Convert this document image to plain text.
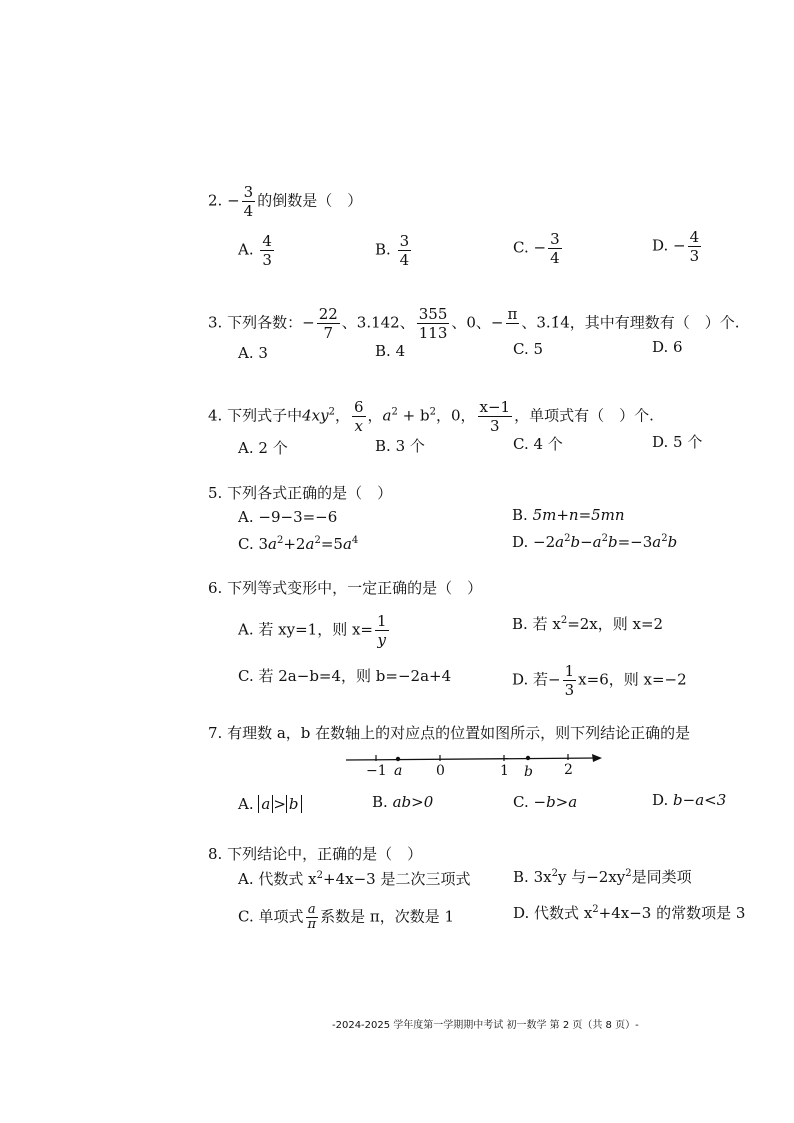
2. − $\frac{3}{4}$ 的倒数是（　）
A. $\frac{4}{3}$	B. $\frac{3}{4}$	C. − $\frac{3}{4}$	D. − $\frac{4}{3}$
3. 下列各数：− $\frac{22}{7}$ 、3.142、 $\frac{355}{113}$ 、0、− π
、3.1̇4̇，其中有理数有（　）个.
A. 3	B. 4	C. 5	D. 6
4. 下列式子中$4xy^2$， $\frac{6}{x}$ ，$a^2 + b^2$，0， $\frac{x-1}{3}$ ，单项式有（　）个.
A. 2 个	B. 3 个	C. 4 个	D. 5 个
5. 下列各式正确的是（　）
A. −9−3=−6	B. 5m+n=5mn
C. $3a^2+2a^2=5a^4$	D. $-2a^2b-a^2b=-3a^2b$
6. 下列等式变形中，一定正确的是（　）
A. 若 xy=1，则 $x= \frac{1}{y}$	B. 若 $x^2=2x$，则 x=2
C. 若 2a−b=4，则 b=−2a+4	D. 若− $\frac{1}{3} x=6$，则 x=−2
7. 有理数 a，b 在数轴上的对应点的位置如图所示，则下列结论正确的是
−1 a 0	1 b 2
A. a > b	B. ab>0	C. −b>a	D. b−a<3
8. 下列结论中，正确的是（　）
A. 代数式 $x^2+4x-3$ 是二次三项式	B. $3x^2y$ 与$-2xy^2$是同类项
C. 单项式 $\frac{a}{\pi}$ 系数是 π，次数是 1	D. 代数式 $x^2+4x-3$ 的常数项是 3
-2024-2025 学年度第一学期期中考试 初一数学 第 2 页（共 8 页）-
